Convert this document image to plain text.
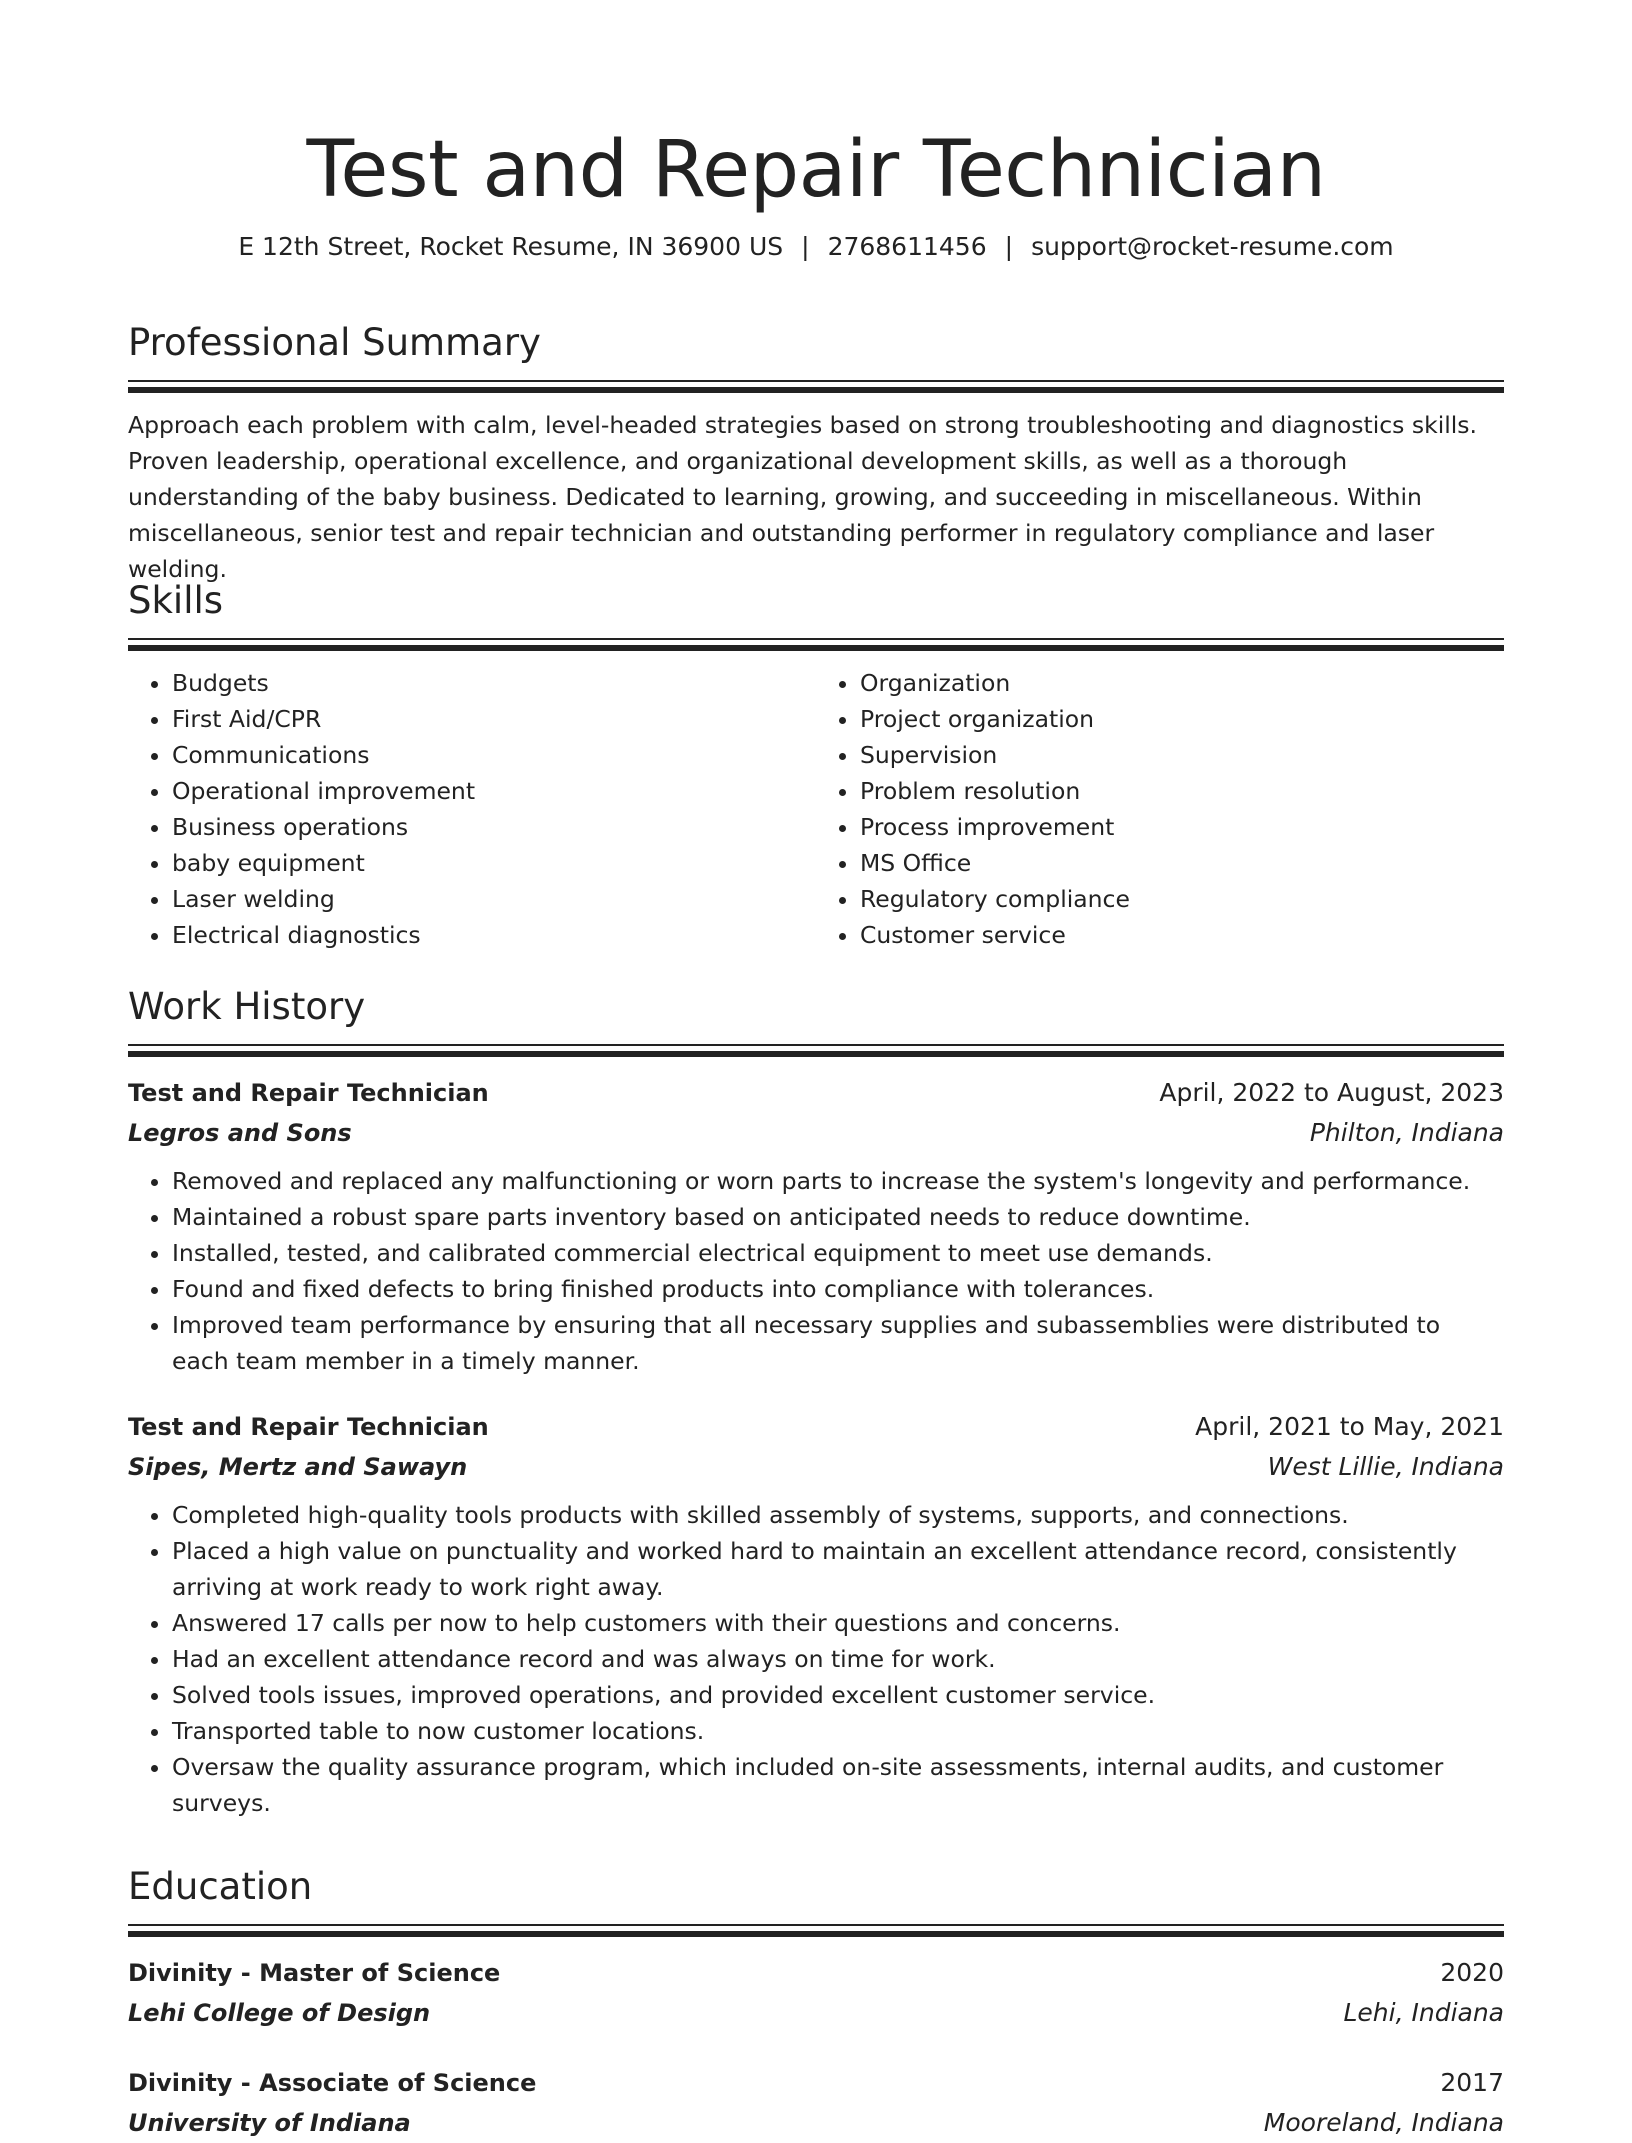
Test and Repair Technician
E 12th Street, Rocket Resume, IN 36900 US | 2768611456 | support@rocket-resume.com
Professional Summary
Approach each problem with calm, level-headed strategies based on strong troubleshooting and diagnostics skills. Proven leadership, operational excellence, and organizational development skills, as well as a thorough understanding of the baby business. Dedicated to learning, growing, and succeeding in miscellaneous. Within miscellaneous, senior test and repair technician and outstanding performer in regulatory compliance and laser welding.
Skills
• Budgets
• First Aid/CPR
• Communications
• Operational improvement
• Business operations
• baby equipment
• Laser welding
• Electrical diagnostics
• Organization
• Project organization
• Supervision
• Problem resolution
• Process improvement
• MS Office
• Regulatory compliance
• Customer service
Work History
Test and Repair Technician	April, 2022 to August, 2023
Legros and Sons	Philton, Indiana
• Removed and replaced any malfunctioning or worn parts to increase the system's longevity and performance.
• Maintained a robust spare parts inventory based on anticipated needs to reduce downtime.
• Installed, tested, and calibrated commercial electrical equipment to meet use demands.
• Found and fixed defects to bring finished products into compliance with tolerances.
• Improved team performance by ensuring that all necessary supplies and subassemblies were distributed to each team member in a timely manner.
Test and Repair Technician	April, 2021 to May, 2021
Sipes, Mertz and Sawayn	West Lillie, Indiana
• Completed high-quality tools products with skilled assembly of systems, supports, and connections.
• Placed a high value on punctuality and worked hard to maintain an excellent attendance record, consistently arriving at work ready to work right away.
• Answered 17 calls per now to help customers with their questions and concerns.
• Had an excellent attendance record and was always on time for work.
• Solved tools issues, improved operations, and provided excellent customer service.
• Transported table to now customer locations.
• Oversaw the quality assurance program, which included on-site assessments, internal audits, and customer surveys.
Education
Divinity - Master of Science	2020
Lehi College of Design	Lehi, Indiana
Divinity - Associate of Science	2017
University of Indiana	Mooreland, Indiana
